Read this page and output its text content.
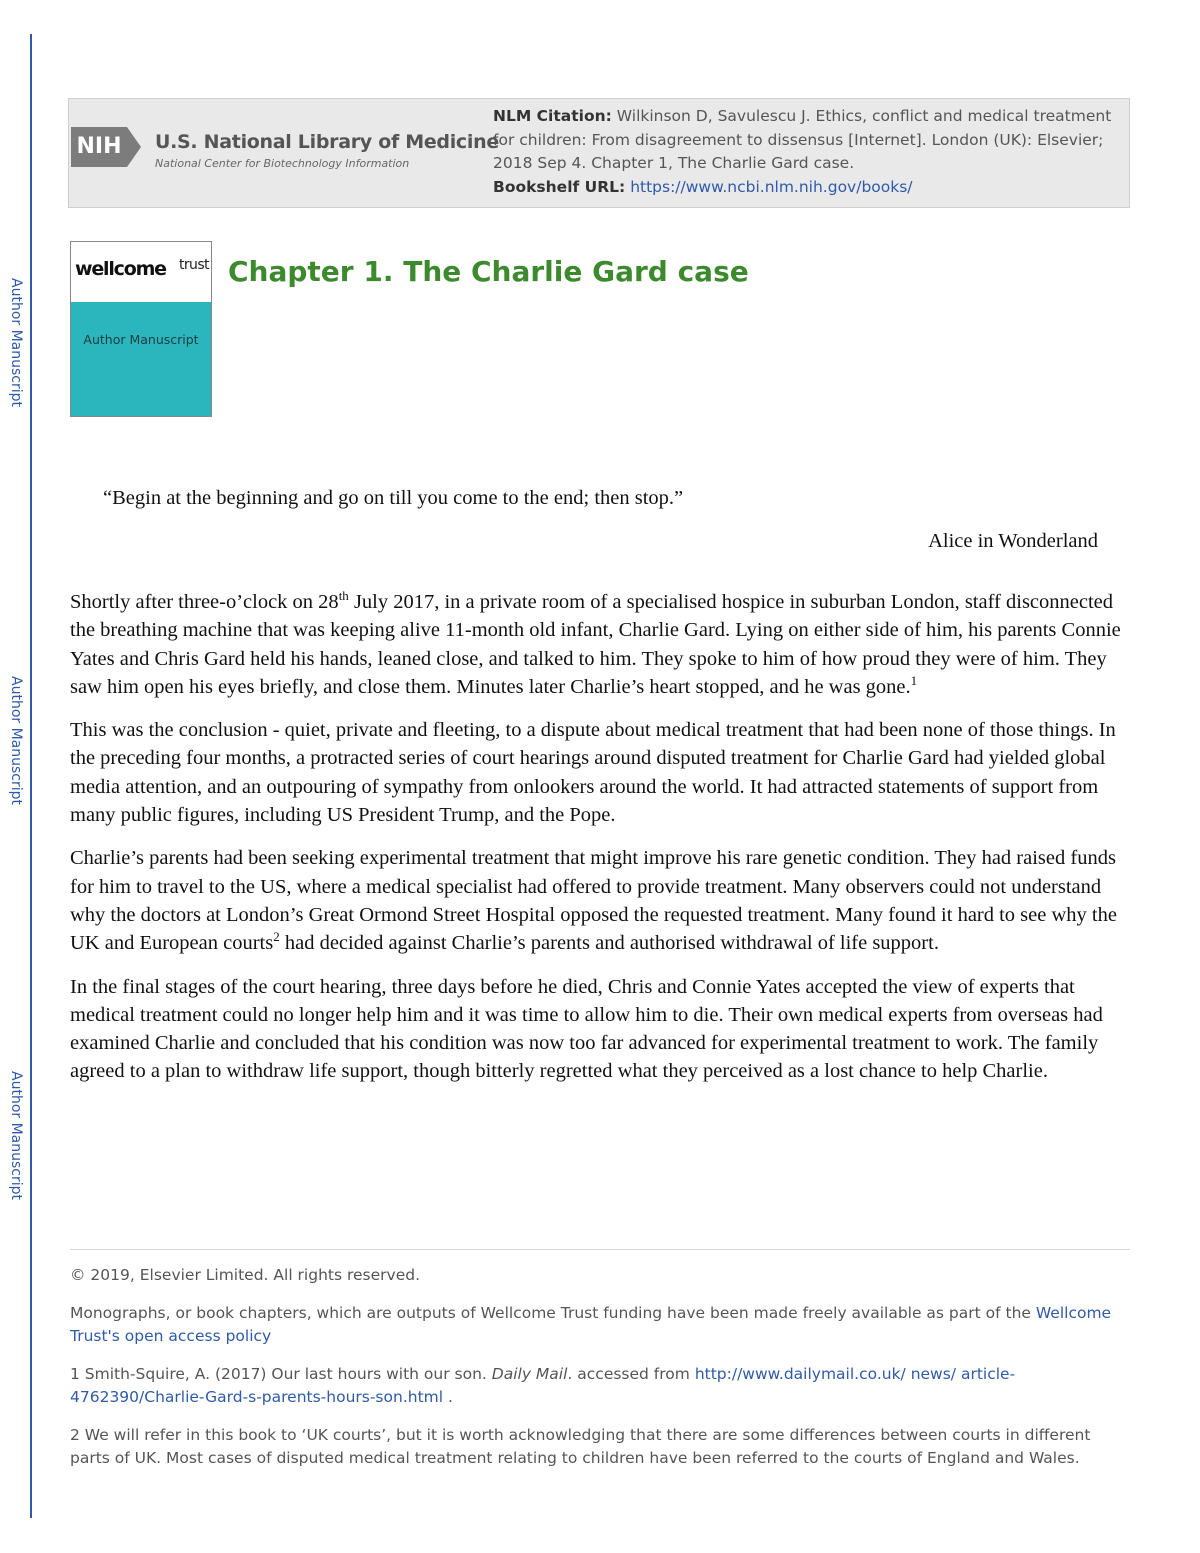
Author Manuscript
Author Manuscript
Author Manuscript
NIH U.S. National Library of Medicine
National Center for Biotechnology Information
NLM Citation: Wilkinson D, Savulescu J. Ethics, conflict and medical treatment for children: From disagreement to dissensus [Internet]. London (UK): Elsevier; 2018 Sep 4. Chapter 1, The Charlie Gard case.
Bookshelf URL: https://www.ncbi.nlm.nih.gov/books/
wellcome trust
Author Manuscript
Chapter 1. The Charlie Gard case
“Begin at the beginning and go on till you come to the end; then stop.”
Alice in Wonderland

Shortly after three-o’clock on 28th July 2017, in a private room of a specialised hospice in suburban London, staff disconnected the breathing machine that was keeping alive 11-month old infant, Charlie Gard. Lying on either side of him, his parents Connie Yates and Chris Gard held his hands, leaned close, and talked to him. They spoke to him of how proud they were of him. They saw him open his eyes briefly, and close them. Minutes later Charlie’s heart stopped, and he was gone.$^1$

This was the conclusion - quiet, private and fleeting, to a dispute about medical treatment that had been none of those things. In the preceding four months, a protracted series of court hearings around disputed treatment for Charlie Gard had yielded global media attention, and an outpouring of sympathy from onlookers around the world. It had attracted statements of support from many public figures, including US President Trump, and the Pope.

Charlie’s parents had been seeking experimental treatment that might improve his rare genetic condition. They had raised funds for him to travel to the US, where a medical specialist had offered to provide treatment. Many observers could not understand why the doctors at London’s Great Ormond Street Hospital opposed the requested treatment. Many found it hard to see why the UK and European courts$^2$ had decided against Charlie’s parents and authorised withdrawal of life support.

In the final stages of the court hearing, three days before he died, Chris and Connie Yates accepted the view of experts that medical treatment could no longer help him and it was time to allow him to die. Their own medical experts from overseas had examined Charlie and concluded that his condition was now too far advanced for experimental treatment to work. The family agreed to a plan to withdraw life support, though bitterly regretted what they perceived as a lost chance to help Charlie.

© 2019, Elsevier Limited. All rights reserved.

Monographs, or book chapters, which are outputs of Wellcome Trust funding have been made freely available as part of the Wellcome Trust's open access policy

1 Smith-Squire, A. (2017) Our last hours with our son. Daily Mail. accessed from http://www.dailymail.co.uk/ news/ article-4762390/Charlie-Gard-s-parents-hours-son.html .

2 We will refer in this book to ‘UK courts’, but it is worth acknowledging that there are some differences between courts in different parts of UK. Most cases of disputed medical treatment relating to children have been referred to the courts of England and Wales.
